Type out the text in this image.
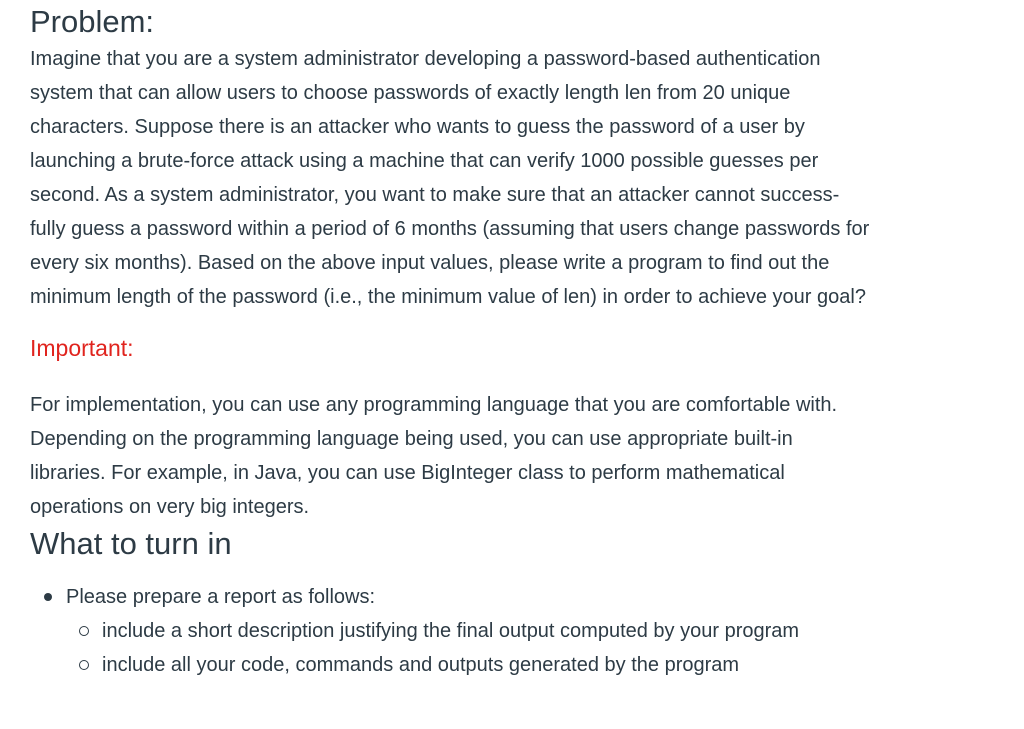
Problem:

Imagine that you are a system administrator developing a password-based authentication
system that can allow users to choose passwords of exactly length len from 20 unique
characters. Suppose there is an attacker who wants to guess the password of a user by
launching a brute-force attack using a machine that can verify 1000 possible guesses per
second. As a system administrator, you want to make sure that an attacker cannot success-
fully guess a password within a period of 6 months (assuming that users change passwords for
every six months). Based on the above input values, please write a program to find out the
minimum length of the password (i.e., the minimum value of len) in order to achieve your goal?

Important:

For implementation, you can use any programming language that you are comfortable with.
Depending on the programming language being used, you can use appropriate built-in
libraries. For example, in Java, you can use BigInteger class to perform mathematical
operations on very big integers.

What to turn in
Please prepare a report as follows:
include a short description justifying the final output computed by your program
include all your code, commands and outputs generated by the program
